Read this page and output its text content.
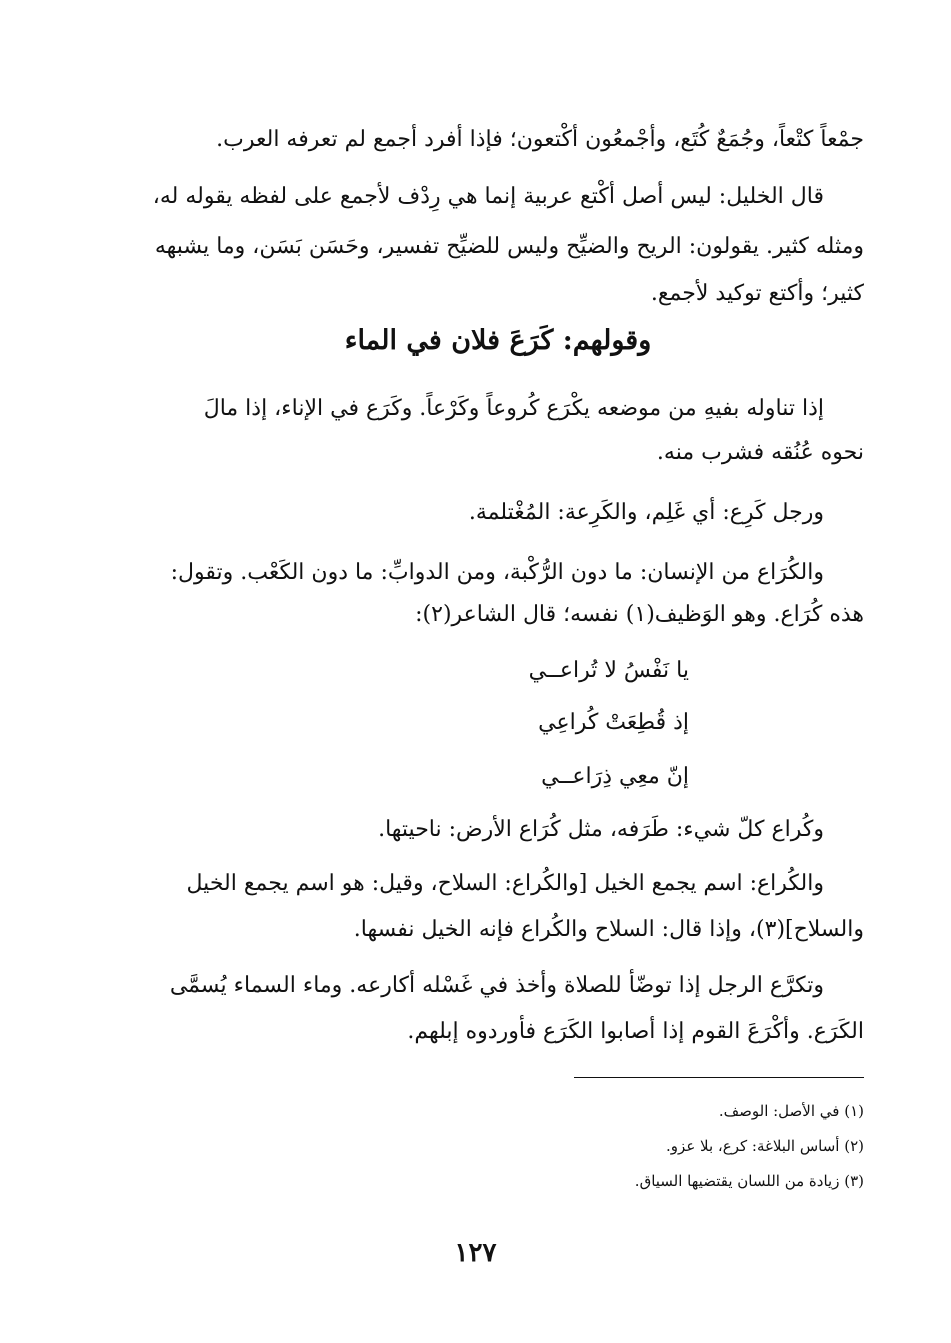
جمْعاً كتْعاً، وجُمَعٌ كُتَع، وأجْمعُون أكْتعون؛ فإذا أفرد أجمع لم تعرفه العرب.
قال الخليل: ليس أصل أكْتع عربية إنما هي رِدْف لأجمع على لفظه يقوله له،
ومثله كثير. يقولون: الريح والضيِّح وليس للضيِّح تفسير، وحَسَن بَسَن، وما يشبهه
كثير؛ وأكتع توكيد لأجمع.
وقولهم: كَرَعَ فلان في الماء
إذا تناوله بفيهِ من موضعه يكْرَع كُروعاً وكَرْعاً. وكَرَع في الإناء، إذا مالَ
نحوه عُنُقه فشرب منه.
ورجل كَرِع: أي غَلِم، والكَرِعة: المُغْتلمة.
والكُرَاع من الإنسان: ما دون الرُّكْبة، ومن الدوابِّ: ما دون الكَعْب. وتقول:
هذه كُرَاع. وهو الوَظيف(١) نفسه؛ قال الشاعر(٢):
يا نَفْسُ لا تُراعــي
إذ قُطِعَتْ كُراعِي
إنّ معِي ذِرَاعــي
وكُراع كلّ شيء: طَرَفه، مثل كُرَاع الأرض: ناحيتها.
والكُراع: اسم يجمع الخيل [والكُراع: السلاح، وقيل: هو اسم يجمع الخيل
والسلاح](٣)، وإذا قال: السلاح والكُراع فإنه الخيل نفسها.
وتكرَّع الرجل إذا توضّأ للصلاة وأخذ في غَسْله أكارعه. وماء السماء يُسمَّى
الكَرَع. وأكْرَعَ القوم إذا أصابوا الكَرَع فأوردوه إبلهم.
(١) في الأصل: الوصف.
(٢) أساس البلاغة: كرع، بلا عزو.
(٣) زيادة من اللسان يقتضيها السياق.
١٢٧
